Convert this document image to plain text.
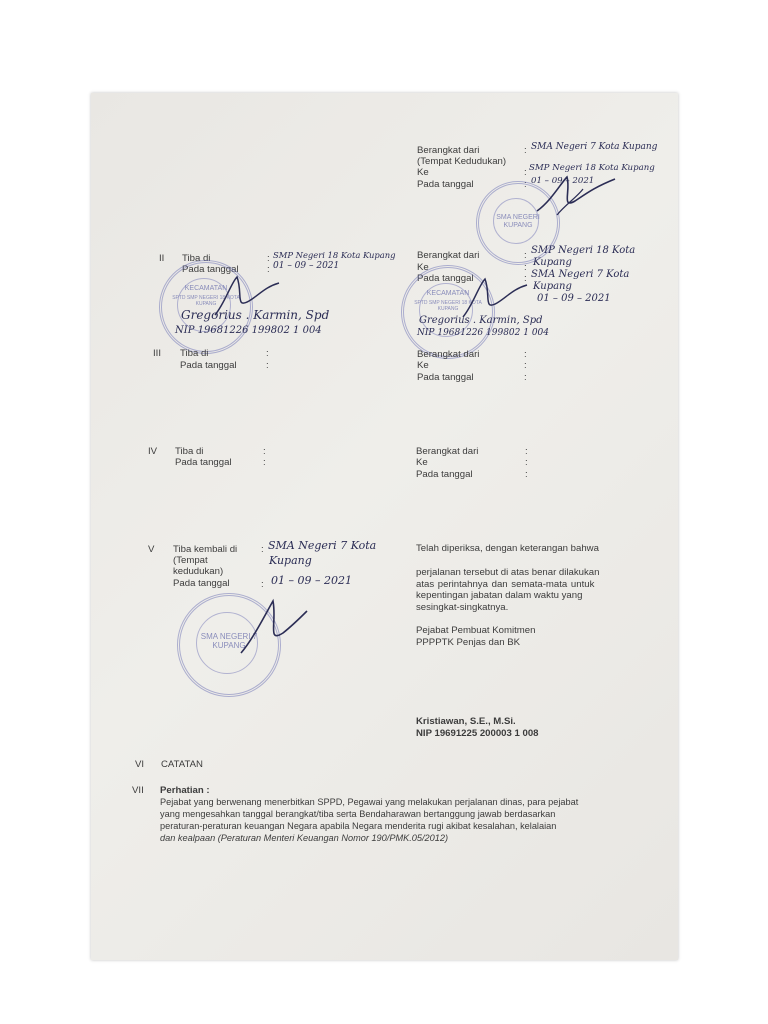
Berangkat dari
(Tempat Kedudukan)
Ke
Pada tanggal
:
:
:
SMA Negeri 7 Kota Kupang
SMP Negeri 18 Kota Kupang
01 – 09 – 2021
SMA NEGERI
KUPANG
II Tiba di
Pada tanggal
:
:
SMP Negeri 18 Kota Kupang
01 – 09 – 2021
KECAMATAN
SPTD SMP NEGERI 18 KOTA KUPANG
Gregorius . Karmin, Spd
NIP 19681226 199802 1 004
Berangkat dari
Ke
Pada tanggal
:
:
:
SMP Negeri 18 Kota
Kupang
SMA Negeri 7 Kota
Kupang
01 – 09 – 2021
KECAMATAN
SPTD SMP NEGERI 18 KOTA KUPANG
Gregorius . Karmin, Spd
NIP 19681226 199802 1 004
III Tiba di
Pada tanggal
:
:
Berangkat dari
Ke
Pada tanggal
:
:
:
IV Tiba di
Pada tanggal
:
:
Berangkat dari
Ke
Pada tanggal
:
:
:
V Tiba kembali di
(Tempat
kedudukan)
Pada tanggal
:
:
SMA Negeri 7 Kota
Kupang
01 – 09 – 2021
SMA NEGERI 7
KUPANG
Telah diperiksa, dengan keterangan bahwa
perjalanan tersebut di atas benar dilakukan
atas perintahnya dan semata-mata untuk
kepentingan jabatan dalam waktu yang
sesingkat-singkatnya.
Pejabat Pembuat Komitmen
PPPPTK Penjas dan BK
Kristiawan, S.E., M.Si.
NIP 19691225 200003 1 008
VI CATATAN
VII Perhatian :
Pejabat yang berwenang menerbitkan SPPD, Pegawai yang melakukan perjalanan dinas, para pejabat
yang mengesahkan tanggal berangkat/tiba serta Bendaharawan bertanggung jawab berdasarkan
peraturan-peraturan keuangan Negara apabila Negara menderita rugi akibat kesalahan, kelalaian
dan kealpaan (Peraturan Menteri Keuangan Nomor 190/PMK.05/2012)
